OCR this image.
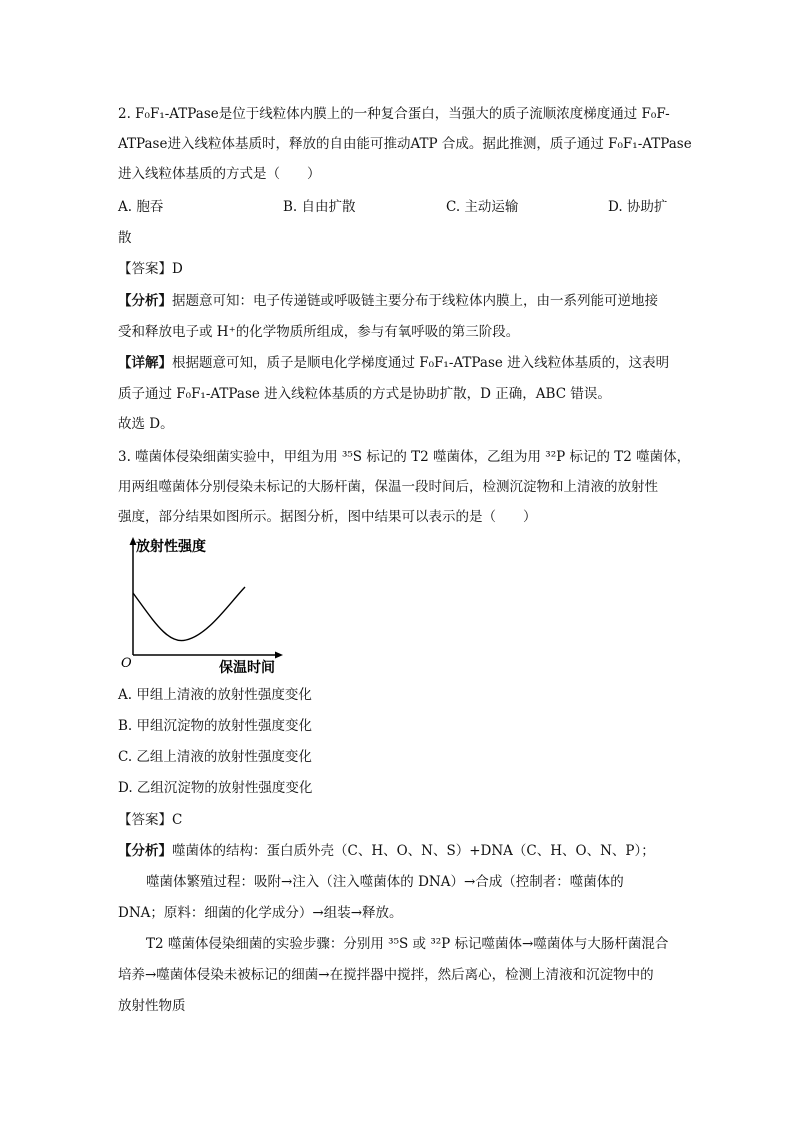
2. F₀F₁-ATPase是位于线粒体内膜上的一种复合蛋白，当强大的质子流顺浓度梯度通过 F₀F-
ATPase进入线粒体基质时，释放的自由能可推动ATP 合成。据此推测，质子通过 F₀F₁-ATPase
进入线粒体基质的方式是（　　）
A. 胞吞	B. 自由扩散	C. 主动运输	D. 协助扩
散
【答案】D
【分析】据题意可知：电子传递链或呼吸链主要分布于线粒体内膜上，由一系列能可逆地接
受和释放电子或 H⁺的化学物质所组成，参与有氧呼吸的第三阶段。
【详解】根据题意可知，质子是顺电化学梯度通过 F₀F₁-ATPase 进入线粒体基质的，这表明
质子通过 F₀F₁-ATPase 进入线粒体基质的方式是协助扩散，D 正确，ABC 错误。
故选 D。
3. 噬菌体侵染细菌实验中，甲组为用 ³⁵S 标记的 T2 噬菌体，乙组为用 ³²P 标记的 T2 噬菌体，
用两组噬菌体分别侵染未标记的大肠杆菌，保温一段时间后，检测沉淀物和上清液的放射性
强度，部分结果如图所示。据图分析，图中结果可以表示的是（　　）
放射性强度
保温时间
O
A. 甲组上清液的放射性强度变化
B. 甲组沉淀物的放射性强度变化
C. 乙组上清液的放射性强度变化
D. 乙组沉淀物的放射性强度变化
【答案】C
【分析】噬菌体的结构：蛋白质外壳（C、H、O、N、S）+DNA（C、H、O、N、P）；
噬菌体繁殖过程：吸附→注入（注入噬菌体的 DNA）→合成（控制者：噬菌体的
DNA；原料：细菌的化学成分）→组装→释放。
T2 噬菌体侵染细菌的实验步骤：分别用 ³⁵S 或 ³²P 标记噬菌体→噬菌体与大肠杆菌混合
培养→噬菌体侵染未被标记的细菌→在搅拌器中搅拌，然后离心，检测上清液和沉淀物中的
放射性物质
